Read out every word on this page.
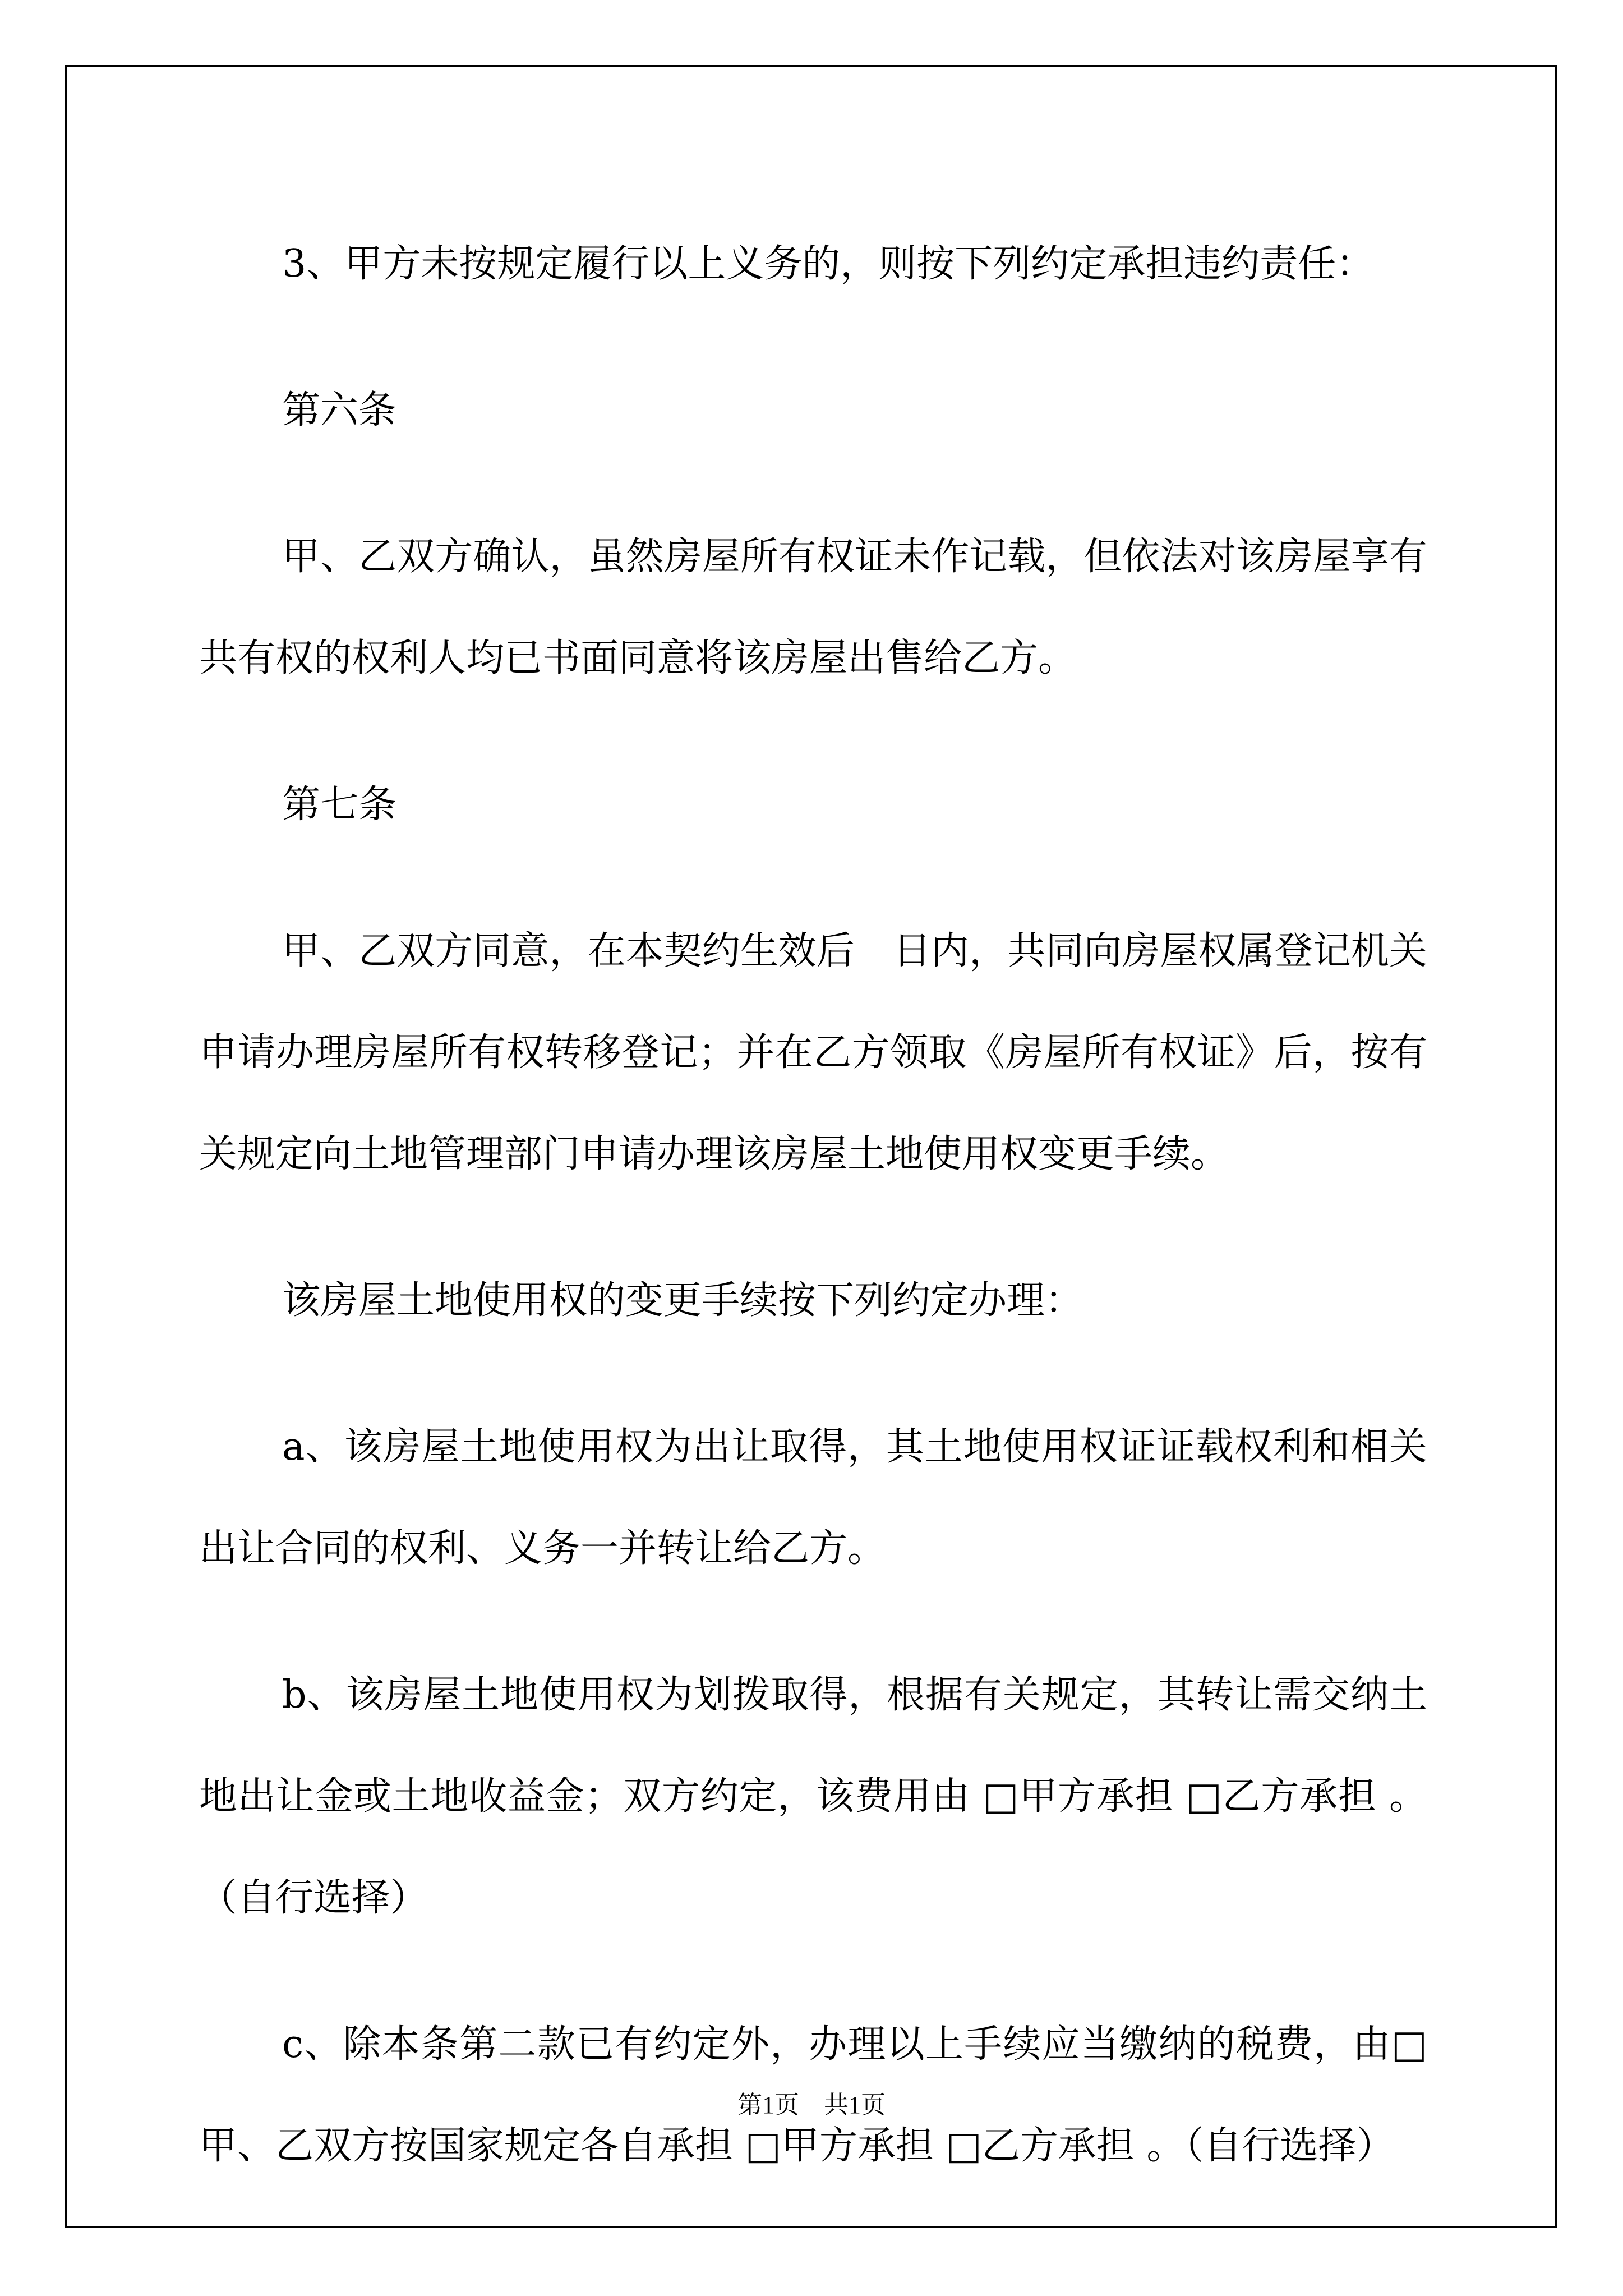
3、甲方未按规定履行以上义务的，则按下列约定承担违约责任：

第六条

甲、乙双方确认，虽然房屋所有权证未作记载，但依法对该房屋享有共有权的权利人均已书面同意将该房屋出售给乙方。

第七条

甲、乙双方同意，在本契约生效后　日内，共同向房屋权属登记机关申请办理房屋所有权转移登记；并在乙方领取《房屋所有权证》后，按有关规定向土地管理部门申请办理该房屋土地使用权变更手续。

该房屋土地使用权的变更手续按下列约定办理：

a、该房屋土地使用权为出让取得，其土地使用权证证载权利和相关出让合同的权利、义务一并转让给乙方。

b、该房屋土地使用权为划拨取得，根据有关规定，其转让需交纳土地出让金或土地收益金；双方约定，该费用由 □甲方承担 □乙方承担 。（自行选择）

c、除本条第二款已有约定外，办理以上手续应当缴纳的税费，由□甲、乙双方按国家规定各自承担 □甲方承担 □乙方承担 。（自行选择）

第1页 共1页
